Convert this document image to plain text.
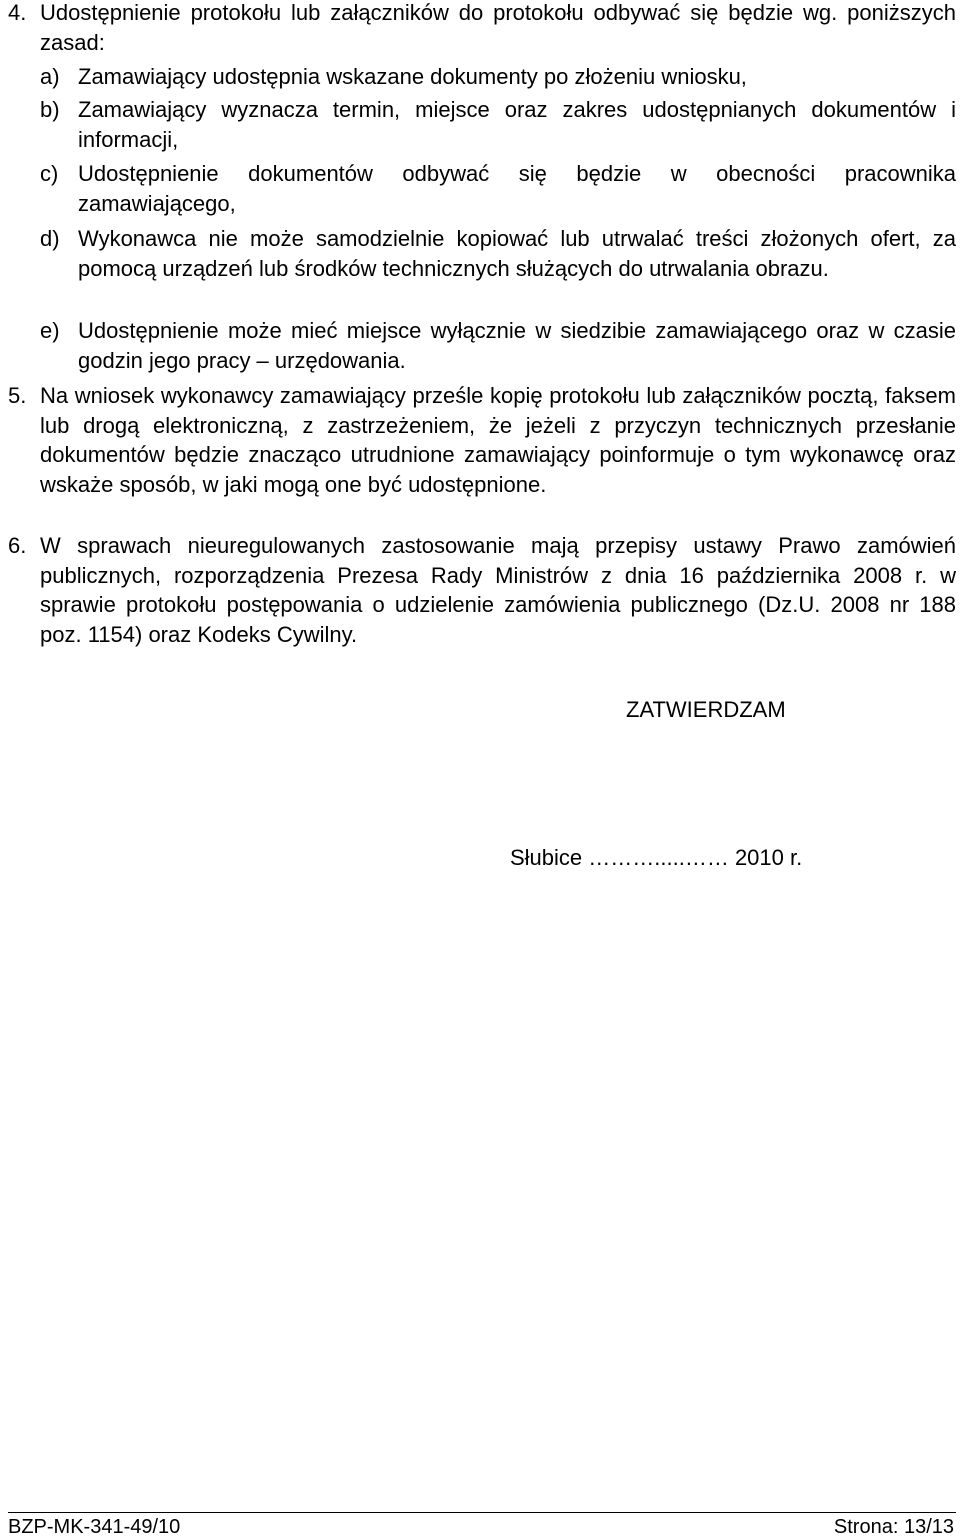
4. Udostępnienie protokołu lub załączników do protokołu odbywać się będzie wg. poniższych zasad:
a) Zamawiający udostępnia wskazane dokumenty po złożeniu wniosku,
b) Zamawiający wyznacza termin, miejsce oraz zakres udostępnianych dokumentów i informacji,
c) Udostępnienie dokumentów odbywać się będzie w obecności pracownika zamawiającego,
d) Wykonawca nie może samodzielnie kopiować lub utrwalać treści złożonych ofert, za pomocą urządzeń lub środków technicznych służących do utrwalania obrazu.
e) Udostępnienie może mieć miejsce wyłącznie w siedzibie zamawiającego oraz w czasie godzin jego pracy – urzędowania.
5. Na wniosek wykonawcy zamawiający prześle kopię protokołu lub załączników pocztą, faksem lub drogą elektroniczną, z zastrzeżeniem, że jeżeli z przyczyn technicznych przesłanie dokumentów będzie znacząco utrudnione zamawiający poinformuje o tym wykonawcę oraz wskaże sposób, w jaki mogą one być udostępnione.
6. W sprawach nieuregulowanych zastosowanie mają przepisy ustawy Prawo zamówień publicznych, rozporządzenia Prezesa Rady Ministrów z dnia 16 października 2008 r. w sprawie protokołu postępowania o udzielenie zamówienia publicznego (Dz.U. 2008 nr 188 poz. 1154) oraz Kodeks Cywilny.
ZATWIERDZAM
Słubice ……….....…… 2010 r.
BZP-MK-341-49/10	Strona: 13/13
